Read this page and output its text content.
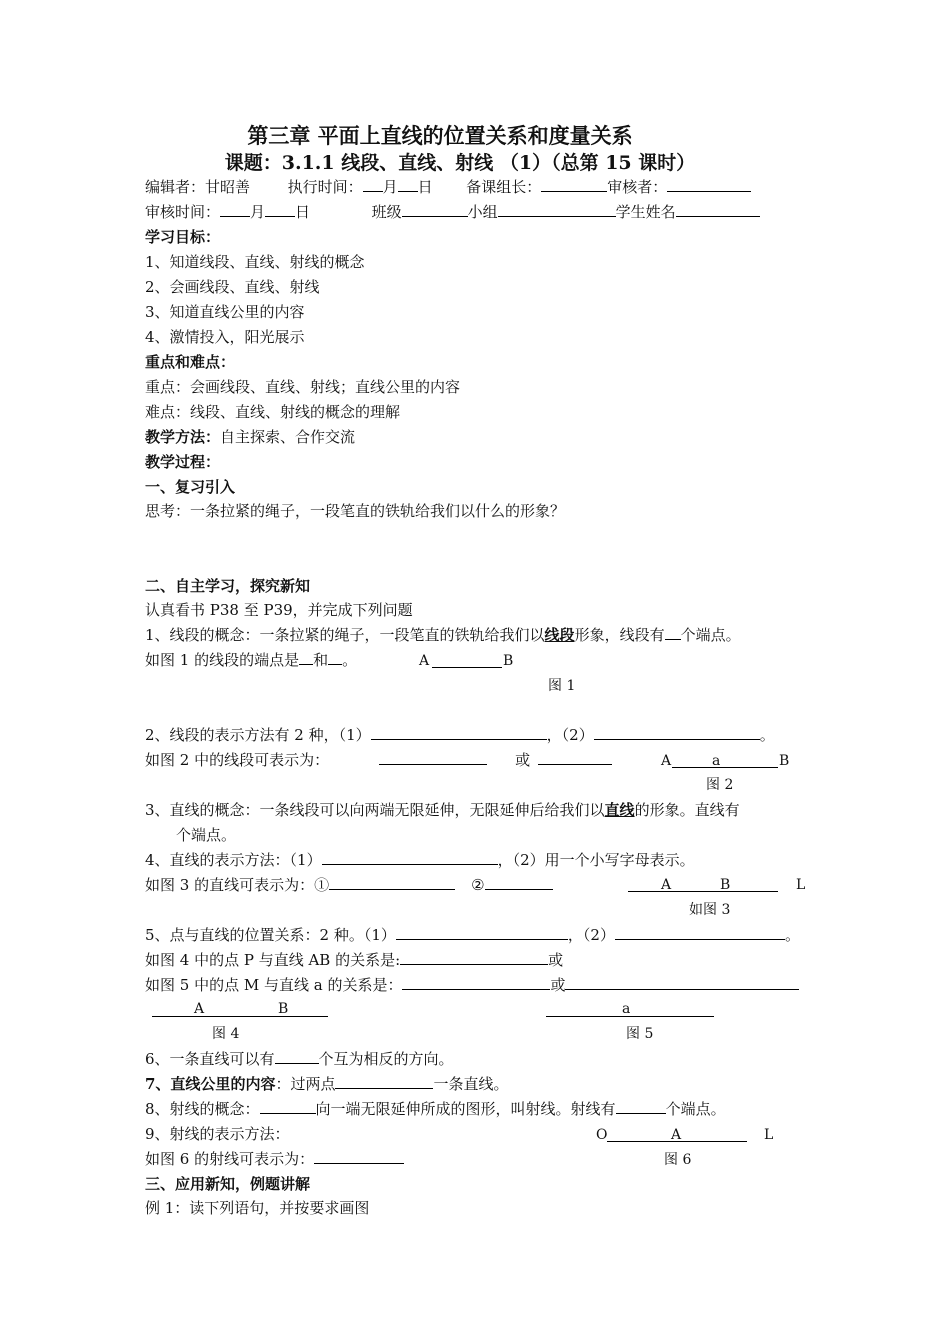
第三章 平面上直线的位置关系和度量关系
课题：3.1.1 线段、直线、射线 （1）（总第 15 课时）
编辑者：甘昭善	执行时间： 月 日 备课组长：	审核者：
审核时间： 月 日	班级	小组	学生姓名
学习目标：
1、知道线段、直线、射线的概念
2、会画线段、直线、射线
3、知道直线公里的内容
4、激情投入，阳光展示
重点和难点：
重点：会画线段、直线、射线；直线公里的内容
难点：线段、直线、射线的概念的理解
教学方法：自主探索、合作交流
教学过程：
一、复习引入
思考：一条拉紧的绳子，一段笔直的铁轨给我们以什么的形象？
二、自主学习，探究新知
认真看书 P38 至 P39，并完成下列问题
1、线段的概念：一条拉紧的绳子，一段笔直的铁轨给我们以线段形象，线段有 个端点。
如图 1 的线段的端点是 和 。	A	B
图 1
2、线段的表示方法有 2 种，（1）	，（2）	。
如图 2 中的线段可表示为：	或	A	a	B
图 2
3、直线的概念：一条线段可以向两端无限延伸，无限延伸后给我们以直线的形象。直线有
个端点。
4、直线的表示方法：（1）	，（2）用一个小写字母表示。
如图 3 的直线可表示为：①	②	A	B	L
如图 3
5、点与直线的位置关系：2 种。（1）	，（2）	。
如图 4 中的点 P 与直线 AB 的关系是:	或
如图 5 中的点 M 与直线 a 的关系是：	或
A	B
图 4
a
图 5
6、一条直线可以有	个互为相反的方向。
7、直线公里的内容：过两点	一条直线。
8、射线的概念：	向一端无限延伸所成的图形，叫射线。射线有	个端点。
9、射线的表示方法：	O	A	L
图 6
如图 6 的射线可表示为：
三、应用新知，例题讲解
例 1：读下列语句，并按要求画图
